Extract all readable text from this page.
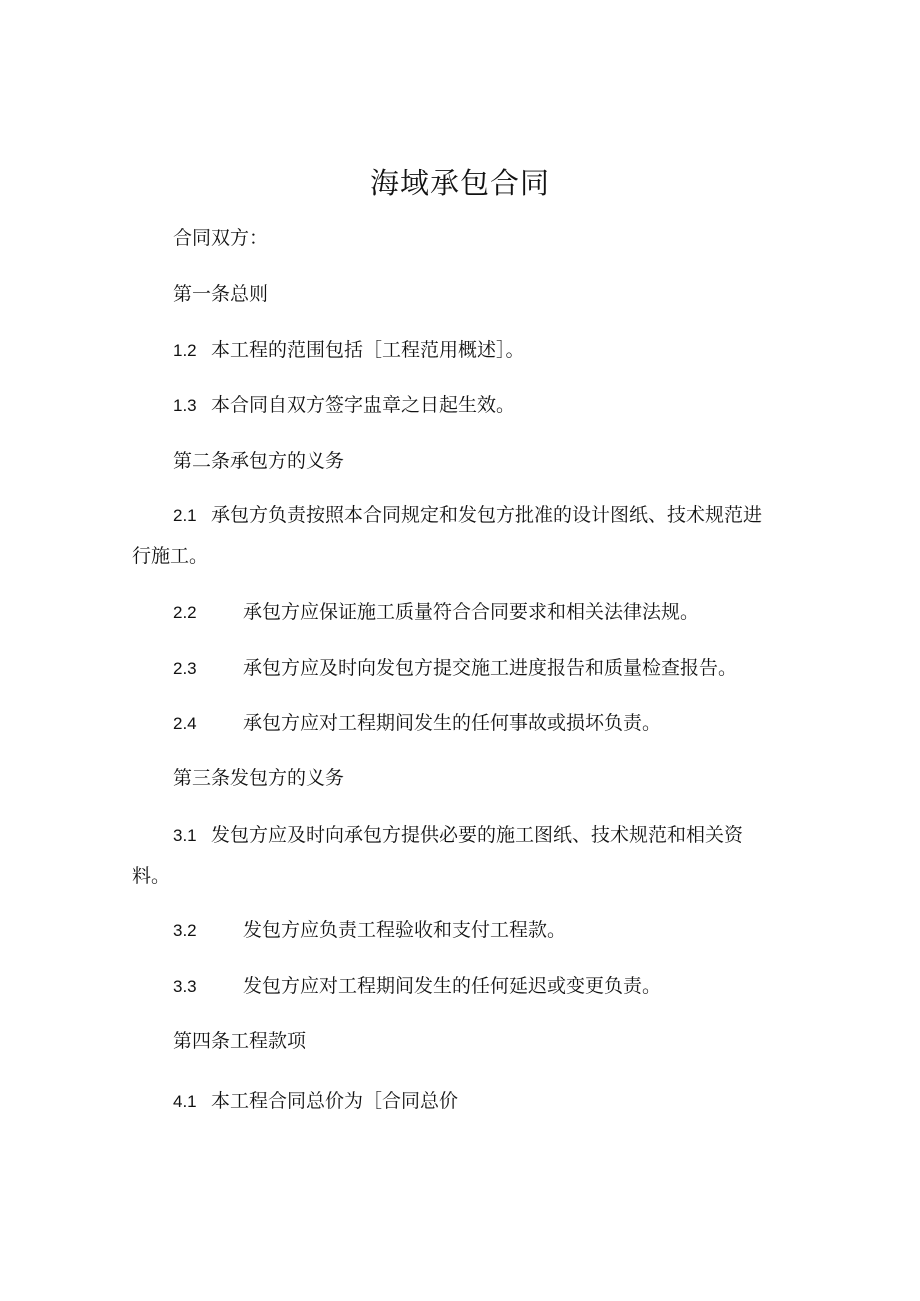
海域承包合同
合同双方：
第一条总则
1.2 本工程的范围包括［工程范用概述］。
1.3 本合同自双方签字盅章之日起生效。
第二条承包方的义务
2.1 承包方负责按照本合同规定和发包方批准的设计图纸、技术规范进行施工。
2.2 承包方应保证施工质量符合合同要求和相关法律法规。
2.3 承包方应及时向发包方提交施工进度报告和质量检查报告。
2.4 承包方应对工程期间发生的任何事故或损坏负责。
第三条发包方的义务
3.1 发包方应及时向承包方提供必要的施工图纸、技术规范和相关资料。
3.2 发包方应负责工程验收和支付工程款。
3.3 发包方应对工程期间发生的任何延迟或变更负责。
第四条工程款项
4.1 本工程合同总价为［合同总价
